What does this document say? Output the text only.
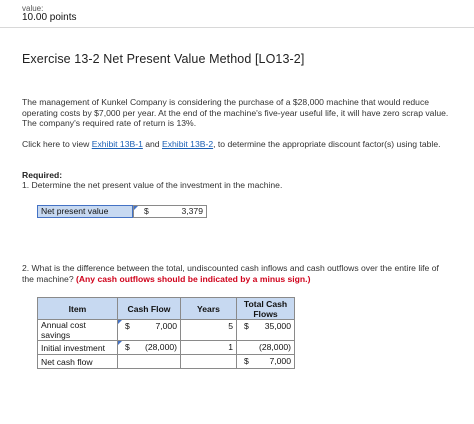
value:
10.00 points
Exercise 13-2 Net Present Value Method [LO13-2]
The management of Kunkel Company is considering the purchase of a $28,000 machine that would reduce operating costs by $7,000 per year. At the end of the machine's five-year useful life, it will have zero scrap value. The company's required rate of return is 13%.
Click here to view Exhibit 13B-1 and Exhibit 13B-2, to determine the appropriate discount factor(s) using table.
Required:
1. Determine the net present value of the investment in the machine.
Net present value	$	3,379
2. What is the difference between the total, undiscounted cash inflows and cash outflows over the entire life of the machine? (Any cash outflows should be indicated by a minus sign.)
Item	Cash Flow	Years	Total Cash Flows
Annual cost savings	$ 7,000	5	$ 35,000

Initial investment	$ (28,000)	1	(28,000)

Net cash flow			$ 7,000
